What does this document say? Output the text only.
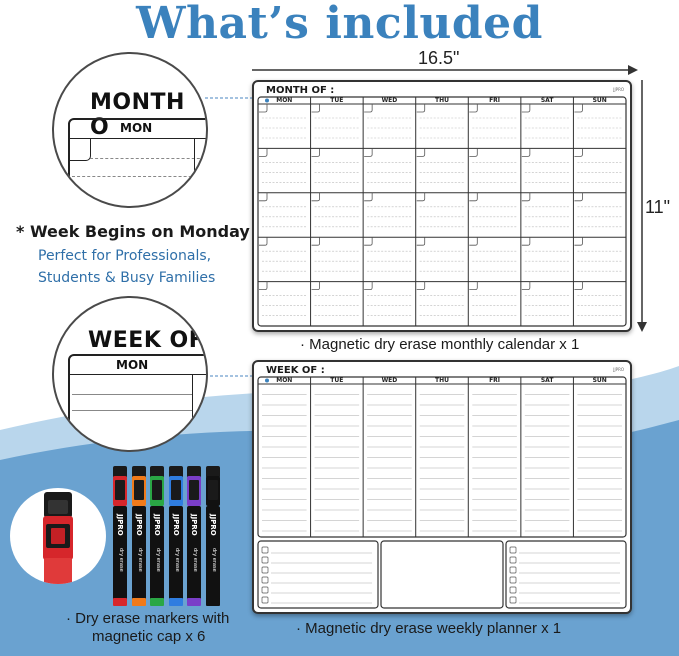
What’s included
16.5"
11"
MONTH O MON
* Week Begins on Monday
Perfect for Professionals,
Students & Busy Families
WEEK OF
MON
MONTH OF :	JJPRO
MON	TUE	WED	THU	FRI	SAT	SUN
· Magnetic dry erase monthly calendar x 1
WEEK OF :	JJPRO
MON	TUE	WED	THU	FRI	SAT	SUN
· Magnetic dry erase weekly planner x 1
JJPRO
dry erase
JJPRO
dry erase
JJPRO
dry erase
JJPRO
dry erase
JJPRO
dry erase
JJPRO
dry erase
· Dry erase markers with
magnetic cap x 6
